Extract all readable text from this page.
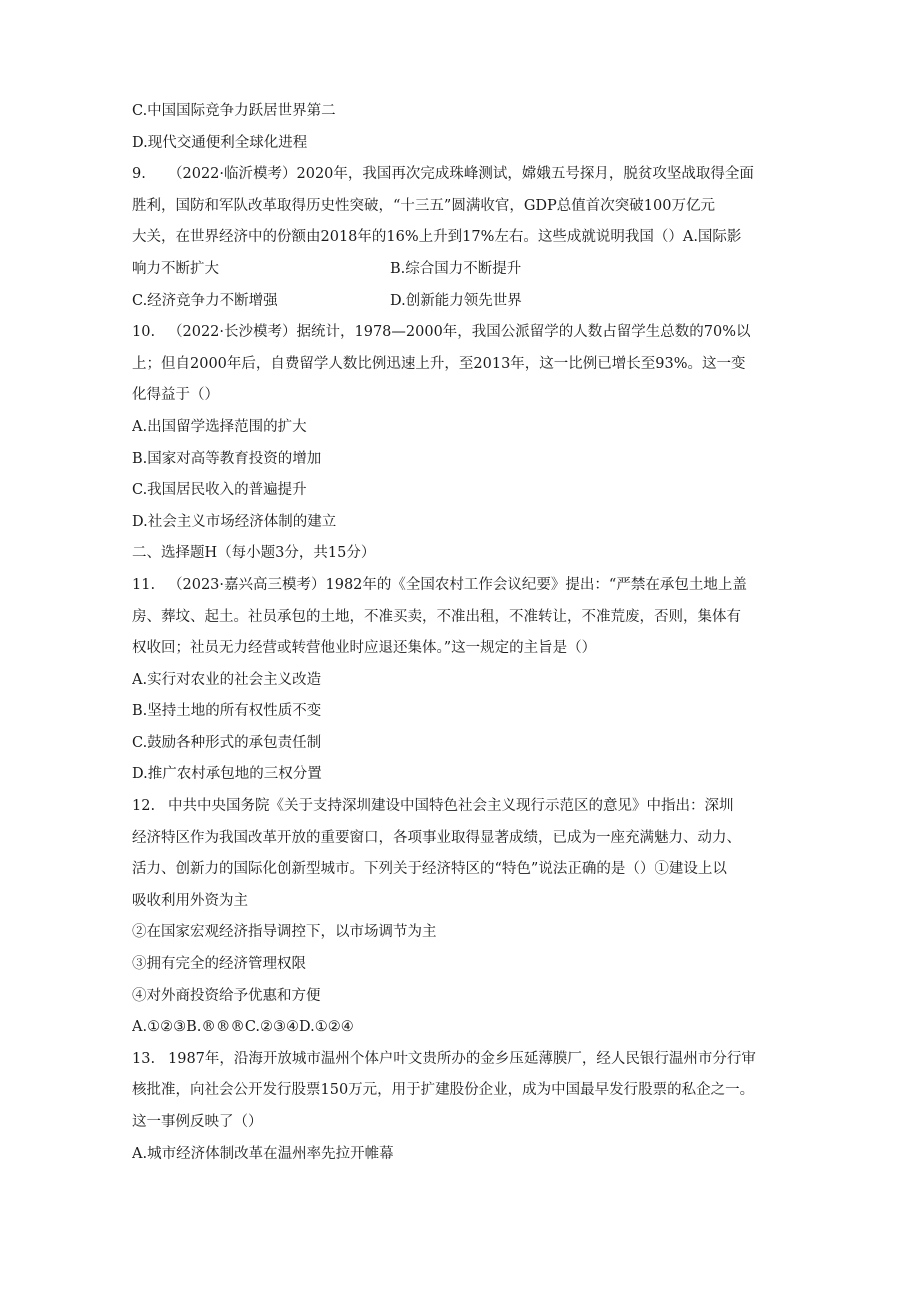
C.中国国际竞争力跃居世界第二
D.现代交通便利全球化进程
9. （2022·临沂模考）2020年，我国再次完成珠峰测试，嫦娥五号探月，脱贫攻坚战取得全面
胜利，国防和军队改革取得历史性突破，“十三五”圆满收官，GDP总值首次突破100万亿元
大关，在世界经济中的份额由2018年的16%上升到17%左右。这些成就说明我国（）A.国际影
响力不断扩大	B.综合国力不断提升
C.经济竞争力不断增强	D.创新能力领先世界
10. （2022·长沙模考）据统计，1978—2000年，我国公派留学的人数占留学生总数的70%以
上；但自2000年后，自费留学人数比例迅速上升，至2013年，这一比例已增长至93%。这一变
化得益于（）
A.出国留学选择范围的扩大
B.国家对高等教育投资的增加
C.我国居民收入的普遍提升
D.社会主义市场经济体制的建立
二、选择题H（每小题3分，共15分）
11. （2023·嘉兴高三模考）1982年的《全国农村工作会议纪要》提出：“严禁在承包土地上盖
房、葬坟、起土。社员承包的土地，不准买卖，不准出租，不准转让，不准荒废，否则，集体有
权收回；社员无力经营或转营他业时应退还集体。”这一规定的主旨是（）
A.实行对农业的社会主义改造
B.坚持土地的所有权性质不变
C.鼓励各种形式的承包责任制
D.推广农村承包地的三权分置
12. 中共中央国务院《关于支持深圳建设中国特色社会主义现行示范区的意见》中指出：深圳
经济特区作为我国改革开放的重要窗口，各项事业取得显著成绩，已成为一座充满魅力、动力、
活力、创新力的国际化创新型城市。下列关于经济特区的“特色”说法正确的是（）①建设上以
吸收利用外资为主
②在国家宏观经济指导调控下，以市场调节为主
③拥有完全的经济管理权限
④对外商投资给予优惠和方便
A.①②③B.®®®C.②③④D.①②④
13. 1987年，沿海开放城市温州个体户叶文贵所办的金乡压延薄膜厂，经人民银行温州市分行审
核批准，向社会公开发行股票150万元，用于扩建股份企业，成为中国最早发行股票的私企之一。
这一事例反映了（）
A.城市经济体制改革在温州率先拉开帷幕
